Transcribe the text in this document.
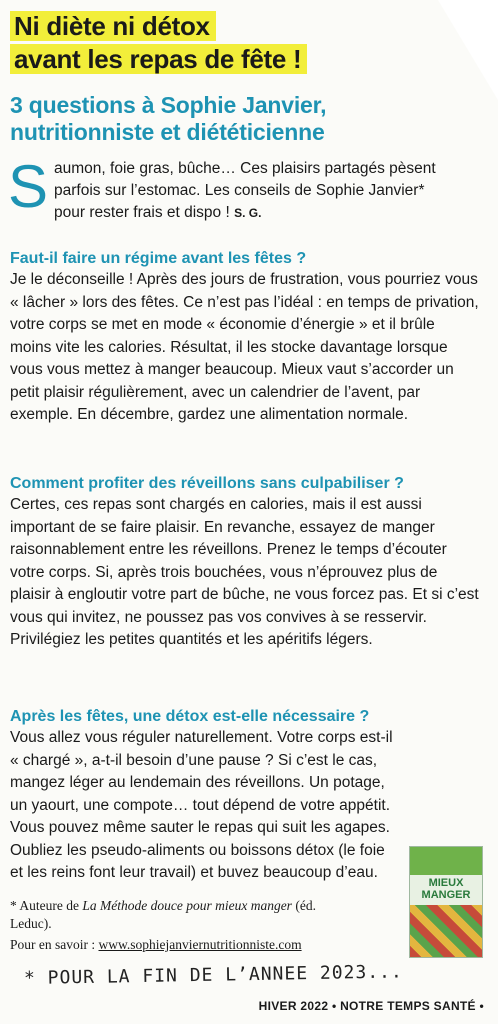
Ni diète ni détox
avant les repas de fête !
3 questions à Sophie Janvier,
nutritionniste et diététicienne

Saumon, foie gras, bûche… Ces plaisirs partagés pèsent parfois sur l’estomac. Les conseils de Sophie Janvier* pour rester frais et dispo ! S. G.

Faut-il faire un régime avant les fêtes ?

Je le déconseille ! Après des jours de frustration, vous pourriez vous « lâcher » lors des fêtes. Ce n’est pas l’idéal : en temps de privation, votre corps se met en mode « économie d’énergie » et il brûle moins vite les calories. Résultat, il les stocke davantage lorsque vous vous mettez à manger beaucoup. Mieux vaut s’accorder un petit plaisir régulièrement, avec un calendrier de l’avent, par exemple. En décembre, gardez une alimentation normale.

Comment profiter des réveillons sans culpabiliser ?

Certes, ces repas sont chargés en calories, mais il est aussi important de se faire plaisir. En revanche, essayez de manger raisonnablement entre les réveillons. Prenez le temps d’écouter votre corps. Si, après trois bouchées, vous n’éprouvez plus de plaisir à engloutir votre part de bûche, ne vous forcez pas. Et si c’est vous qui invitez, ne poussez pas vos convives à se resservir. Privilégiez les petites quantités et les apéritifs légers.

Après les fêtes, une détox est-elle nécessaire ?

Vous allez vous réguler naturellement. Votre corps est-il « chargé », a-t-il besoin d’une pause ? Si c’est le cas, mangez léger au lendemain des réveillons. Un potage, un yaourt, une compote… tout dépend de votre appétit. Vous pouvez même sauter le repas qui suit les agapes. Oubliez les pseudo-aliments ou boissons détox (le foie et les reins font leur travail) et buvez beaucoup d’eau.

MIEUX MANGER

* Auteure de La Méthode douce pour mieux manger (éd. Leduc).

Pour en savoir : www.sophiejanviernutritionniste.com

* POUR LA FIN DE L’ANNEE 2023...

HIVER 2022 • NOTRE TEMPS SANTÉ •
